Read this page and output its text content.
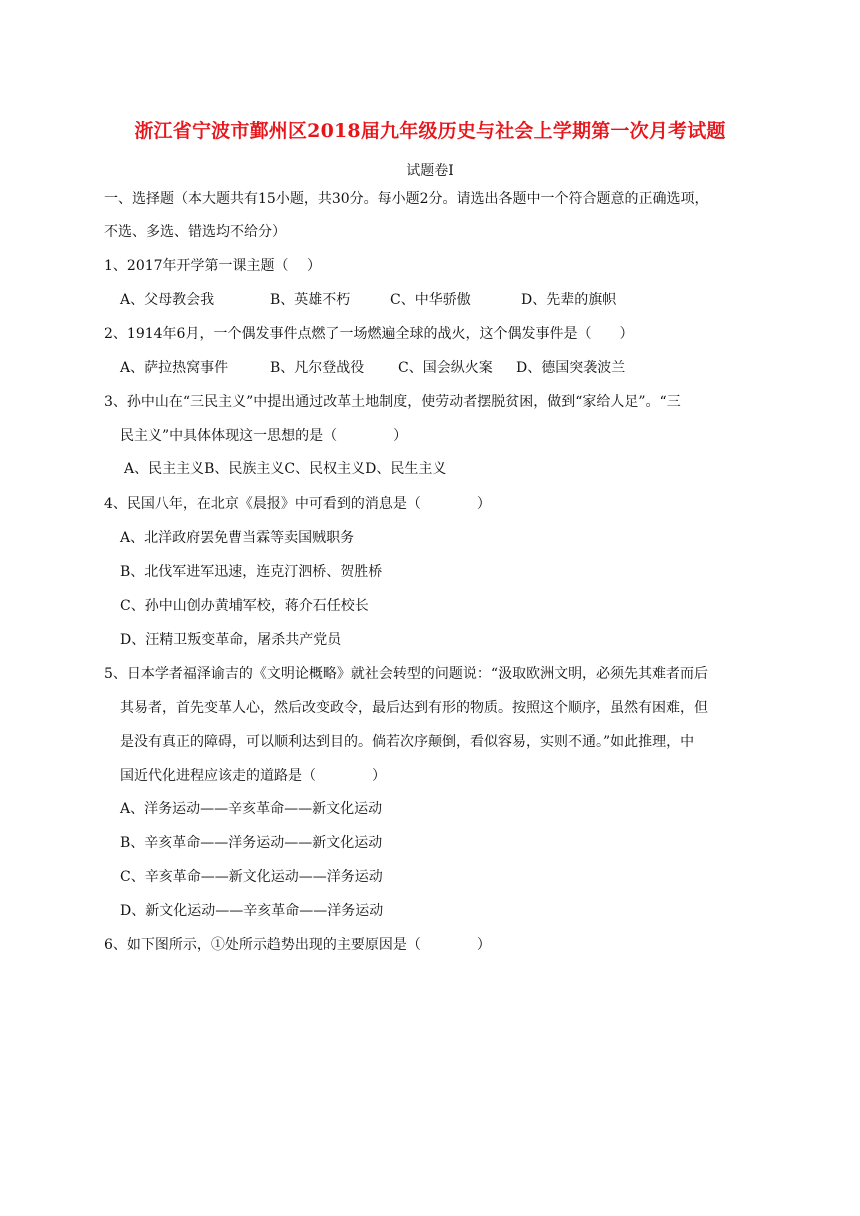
浙江省宁波市鄞州区2018届九年级历史与社会上学期第一次月考试题
试题卷Ⅰ
一、选择题（本大题共有15小题，共30分。每小题2分。请选出各题中一个符合题意的正确选项，
不选、多选、错选均不给分）
1、2017年开学第一课主题（　 ）
A、父母教会我	B、英雄不朽	C、中华骄傲	D、先辈的旗帜
2、1914年6月，一个偶发事件点燃了一场燃遍全球的战火，这个偶发事件是（　　）
A、萨拉热窝事件	B、凡尔登战役 C、国会纵火案 D、德国突袭波兰
3、孙中山在“三民主义”中提出通过改革土地制度，使劳动者摆脱贫困，做到“家给人足”。“三
民主义”中具体体现这一思想的是（　　　　）
A、民主主义B、民族主义C、民权主义D、民生主义
4、民国八年，在北京《晨报》中可看到的消息是（　　　　）
A、北洋政府罢免曹当霖等卖国贼职务
B、北伐军进军迅速，连克汀泗桥、贺胜桥
C、孙中山创办黄埔军校，蒋介石任校长
D、汪精卫叛变革命，屠杀共产党员
5、日本学者福泽谕吉的《文明论概略》就社会转型的问题说：“汲取欧洲文明，必须先其难者而后
其易者，首先变革人心，然后改变政令，最后达到有形的物质。按照这个顺序，虽然有困难，但
是没有真正的障碍，可以顺利达到目的。倘若次序颠倒，看似容易，实则不通。”如此推理，中
国近代化进程应该走的道路是（　　　　）
A、洋务运动——辛亥革命——新文化运动
B、辛亥革命——洋务运动——新文化运动
C、辛亥革命——新文化运动——洋务运动
D、新文化运动——辛亥革命——洋务运动
6、如下图所示，①处所示趋势出现的主要原因是（　　　　）
